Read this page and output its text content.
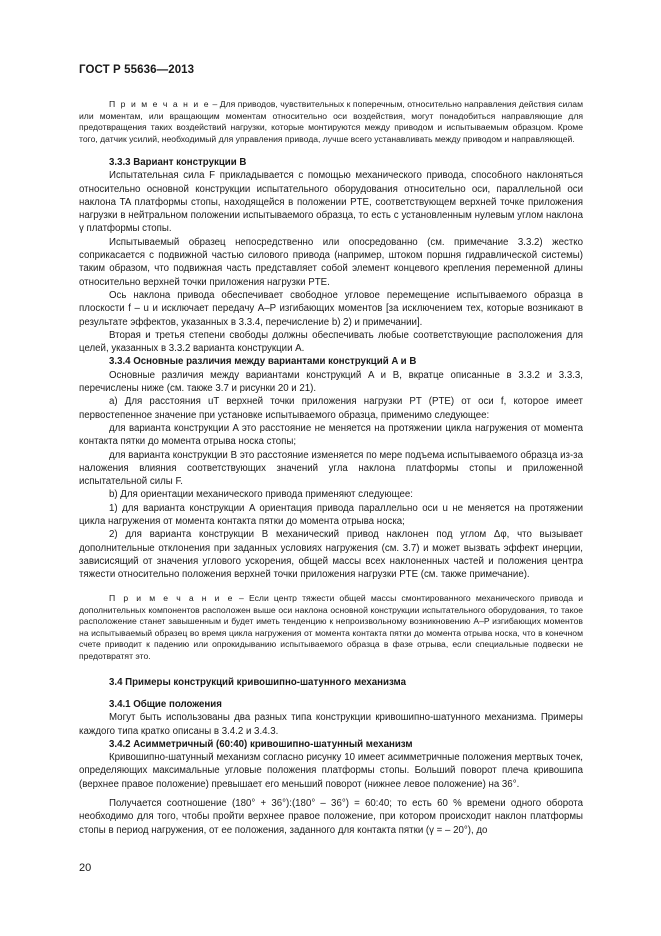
ГОСТ Р 55636—2013

П р и м е ч а н и е – Для приводов, чувствительных к поперечным, относительно направления действия силам или моментам, или вращающим моментам относительно оси воздействия, могут понадобиться направляющие для предотвращения таких воздействий нагрузки, которые монтируются между приводом и испытываемым образцом. Кроме того, датчик усилий, необходимый для управления привода, лучше всего устанавливать между приводом и направляющей.

3.3.3 Вариант конструкции B

Испытательная сила F прикладывается с помощью механического привода, способного наклоняться относительно основной конструкции испытательного оборудования относительно оси, параллельной оси наклона TA платформы стопы, находящейся в положении PTE, соответствующем верхней точке приложения нагрузки в нейтральном положении испытываемого образца, то есть с установленным нулевым углом наклона γ платформы стопы.

Испытываемый образец непосредственно или опосредованно (см. примечание 3.3.2) жестко соприкасается с подвижной частью силового привода (например, штоком поршня гидравлической системы) таким образом, что подвижная часть представляет собой элемент концевого крепления переменной длины относительно верхней точки приложения нагрузки PTE.

Ось наклона привода обеспечивает свободное угловое перемещение испытываемого образца в плоскости f – u и исключает передачу A–P изгибающих моментов [за исключением тех, которые возникают в результате эффектов, указанных в 3.3.4, перечисление b) 2) и примечании].

Вторая и третья степени свободы должны обеспечивать любые соответствующие расположения для целей, указанных в 3.3.2 варианта конструкции A.

3.3.4 Основные различия между вариантами конструкций A и B

Основные различия между вариантами конструкций A и B, вкратце описанные в 3.3.2 и 3.3.3, перечислены ниже (см. также 3.7 и рисунки 20 и 21).

а) Для расстояния uT верхней точки приложения нагрузки PT (PTE) от оси f, которое имеет первостепенное значение при установке испытываемого образца, применимо следующее:

для варианта конструкции A это расстояние не меняется на протяжении цикла нагружения от момента контакта пятки до момента отрыва носка стопы;

для варианта конструкции B это расстояние изменяется по мере подъема испытываемого образца из-за наложения влияния соответствующих значений угла наклона платформы стопы и приложенной испытательной силы F.

b) Для ориентации механического привода применяют следующее:

1) для варианта конструкции A ориентация привода параллельно оси u не меняется на протяжении цикла нагружения от момента контакта пятки до момента отрыва носка;

2) для варианта конструкции B механический привод наклонен под углом Δφ, что вызывает дополнительные отклонения при заданных условиях нагружения (см. 3.7) и может вызвать эффект инерции, зависисящий от значения углового ускорения, общей массы всех наклоненных частей и положения центра тяжести относительно положения верхней точки приложения нагрузки PTE (см. также примечание).

П р и м е ч а н и е – Если центр тяжести общей массы смонтированного механического привода и дополнительных компонентов расположен выше оси наклона основной конструкции испытательного оборудования, то такое расположение станет завышенным и будет иметь тенденцию к непроизвольному возникновению A–P изгибающих моментов на испытываемый образец во время цикла нагружения от момента контакта пятки до момента отрыва носка, что в конечном счете приводит к падению или опрокидыванию испытываемого образца в фазе отрыва, если специальные подвески не предотвратят это.

3.4 Примеры конструкций кривошипно-шатунного механизма

3.4.1 Общие положения

Могут быть использованы два разных типа конструкции кривошипно-шатунного механизма. Примеры каждого типа кратко описаны в 3.4.2 и 3.4.3.

3.4.2 Асимметричный (60:40) кривошипно-шатунный механизм

Кривошипно-шатунный механизм согласно рисунку 10 имеет асимметричные положения мертвых точек, определяющих максимальные угловые положения платформы стопы. Больший поворот плеча кривошипа (верхнее правое положение) превышает его меньший поворот (нижнее левое положение) на 36°.

Получается соотношение (180° + 36°):(180° – 36°) = 60:40; то есть 60 % времени одного оборота необходимо для того, чтобы пройти верхнее правое положение, при котором происходит наклон платформы стопы в период нагружения, от ее положения, заданного для контакта пятки (γ = – 20°), до

20
